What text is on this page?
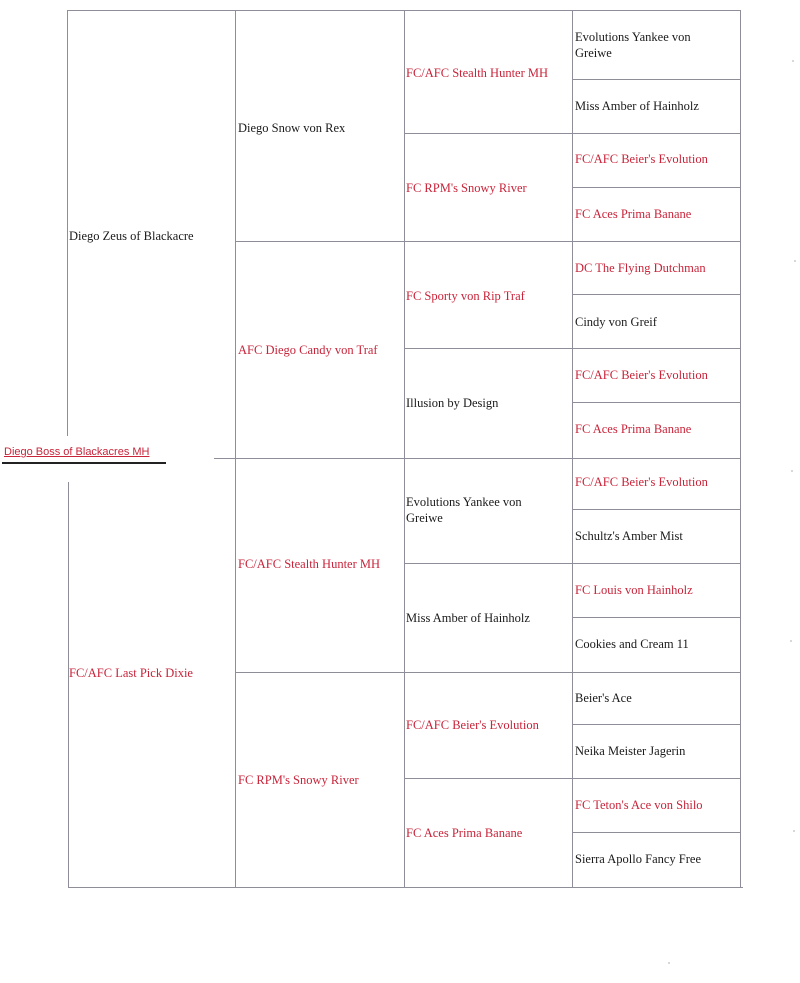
Diego Boss of Blackacres MH
Diego Zeus of Blackacre
FC/AFC Last Pick Dixie
Diego Snow von Rex
AFC Diego Candy von Traf
FC/AFC Stealth Hunter MH
FC RPM's Snowy River
FC/AFC Stealth Hunter MH
FC RPM's Snowy River
FC Sporty von Rip Traf
Illusion by Design
Evolutions Yankee von Greiwe
Miss Amber of Hainholz
FC/AFC Beier's Evolution
FC Aces Prima Banane
Evolutions Yankee von Greiwe
Miss Amber of Hainholz
FC/AFC Beier's Evolution
FC Aces Prima Banane
DC The Flying Dutchman
Cindy von Greif
FC/AFC Beier's Evolution
FC Aces Prima Banane
FC/AFC Beier's Evolution
Schultz's Amber Mist
FC Louis von Hainholz
Cookies and Cream 11
Beier's Ace
Neika Meister Jagerin
FC Teton's Ace von Shilo
Sierra Apollo Fancy Free
